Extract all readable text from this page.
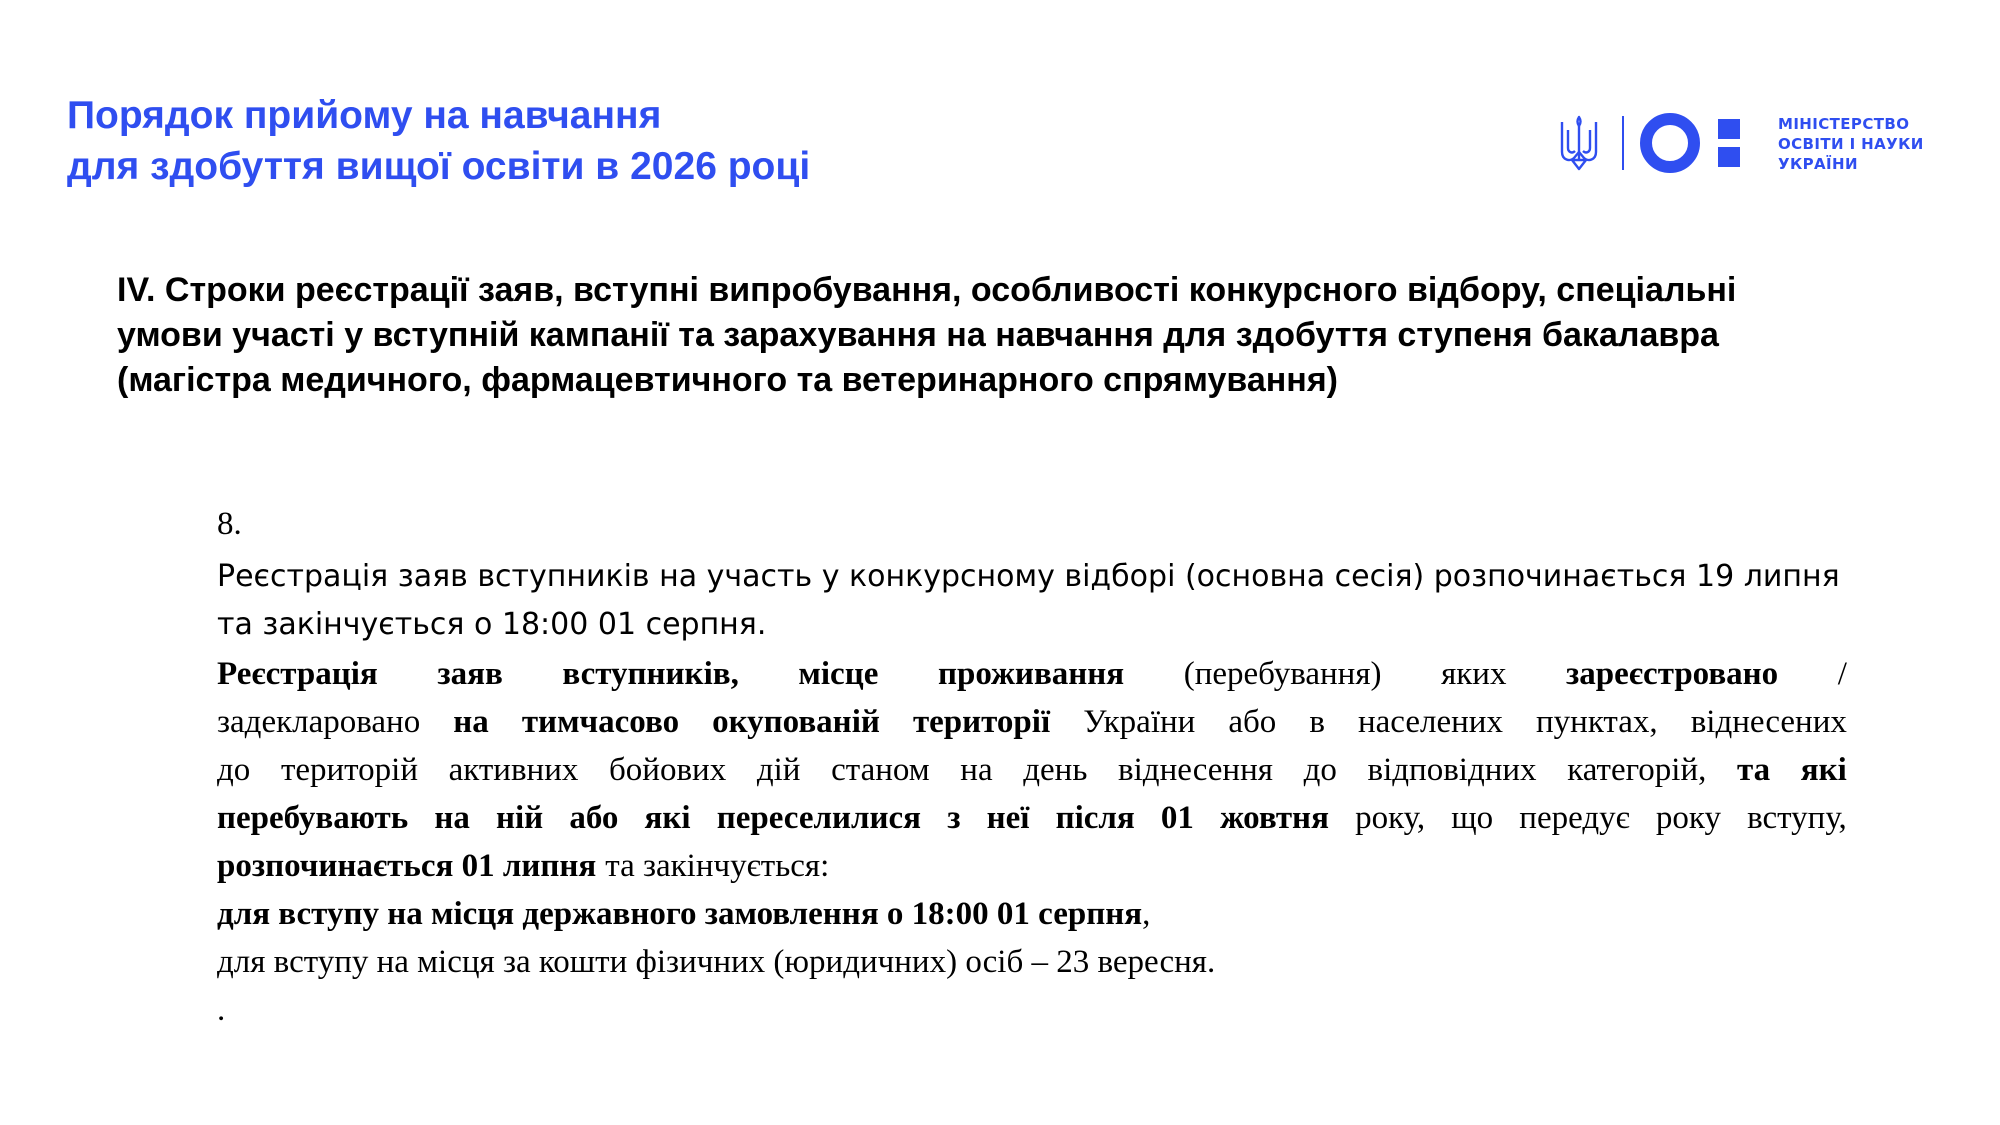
Порядок прийому на навчання
для здобуття вищої освіти в 2026 році
МІНІСТЕРСТВО
ОСВІТИ І НАУКИ
УКРАЇНИ
IV. Строки реєстрації заяв, вступні випробування, особливості конкурсного відбору, спеціальні
умови участі у вступній кампанії та зарахування на навчання для здобуття ступеня бакалавра
(магістра медичного, фармацевтичного та ветеринарного спрямування)
8.
Реєстрація заяв вступників на участь у конкурсному відборі (основна сесія) розпочинається 19 липня
та закінчується о 18:00 01 серпня.
Реєстрація заяв вступників, місце проживання (перебування) яких зареєстровано /
задекларовано на тимчасово окупованій території України або в населених пунктах, віднесених
до територій активних бойових дій станом на день віднесення до відповідних категорій, та які
перебувають на ній або які переселилися з неї після 01 жовтня року, що передує року вступу,
розпочинається 01 липня та закінчується:
для вступу на місця державного замовлення о 18:00 01 серпня ,
для вступу на місця за кошти фізичних (юридичних) осіб – 23 вересня.
.
